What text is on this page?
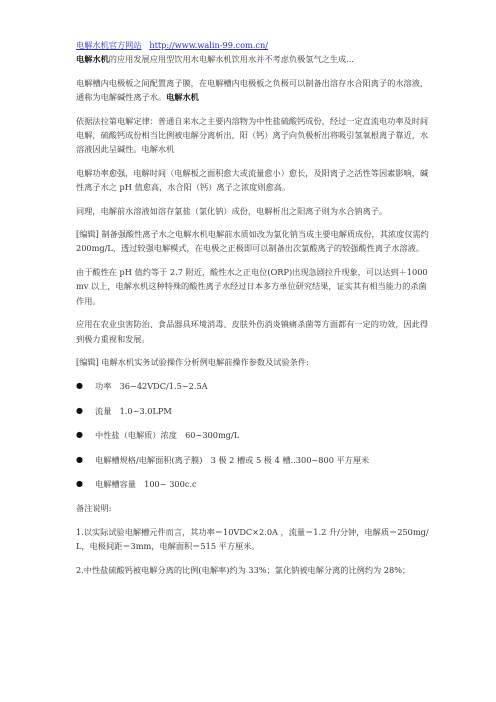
电解水机官方网站 http://www.walin-99.com.cn/

电解水机的应用发展应用型饮用水电解水机饮用水并不考虑负极氢气之生成...

电解槽内电极板之间配置离子膜，在电解槽内电极板之负极可以制备出溶存水合阳离子的水溶液，通称为电解碱性离子水。电解水机

依据法拉第电解定律：普通自来水之主要内溶物为中性盐硫酸钙成份，经过一定直流电功率及时间电解，硫酸钙成份相当比例被电解分离析出，阳（钙）离子向负极析出将吸引氢氧根离子靠近，水溶液因此呈碱性。电解水机

电解功率愈强，电解时间（电解板之面积愈大或流量愈小）愈长，及阳离子之活性等因素影响，碱性离子水之 pH 值愈高，水合阳（钙）离子之浓度则愈高。

同理，电解前水溶液如溶存氯盐（氯化钠）成份，电解析出之阳离子则为水合钠离子。

[编辑] 制备强酸性离子水之电解水机电解前水质如改为氯化钠当成主要电解质成份，其浓度仅需约 200mg/L，透过较强电解模式，在电极之正极即可以制备出次氯酸离子的较强酸性离子水溶液。

由于酸性在 pH 值约等于 2.7 附近，酸性水之正电位(ORP)出现急剧拉升现象，可以达到＋1000 mv 以上，电解水机这种特殊的酸性离子水经过日本多方单位研究结果，证实其有相当能力的杀菌作用。

应用在农业虫害防治、食品器具环境消毒、皮肤外伤消炎镇痛杀菌等方面都有一定的功效，因此得到极力重视和发展。

[编辑] 电解水机实务试验操作分析例电解前操作参数及试验条件:

●	功率　36~42VDC/1.5~2.5A
●	流量　1.0~3.0LPM
●	中性盐（电解质）浓度　60~300mg/L
●	电解槽规格/电解面积(离子膜)　3 极 2 槽或 5 极 4 槽..300~800 平方厘米
●	电解槽容量　100~ 300c.c

备注说明:

1.以实际试验电解槽元件而言，其功率＝10VDC×2.0A ，流量＝1.2 升/分钟，电解质＝250mg/L，电极间距＝3mm，电解面积＝515 平方厘米。

2.中性盐硫酸钙被电解分离的比例(电解率)约为 33%；氯化钠被电解分离的比例约为 28%；
